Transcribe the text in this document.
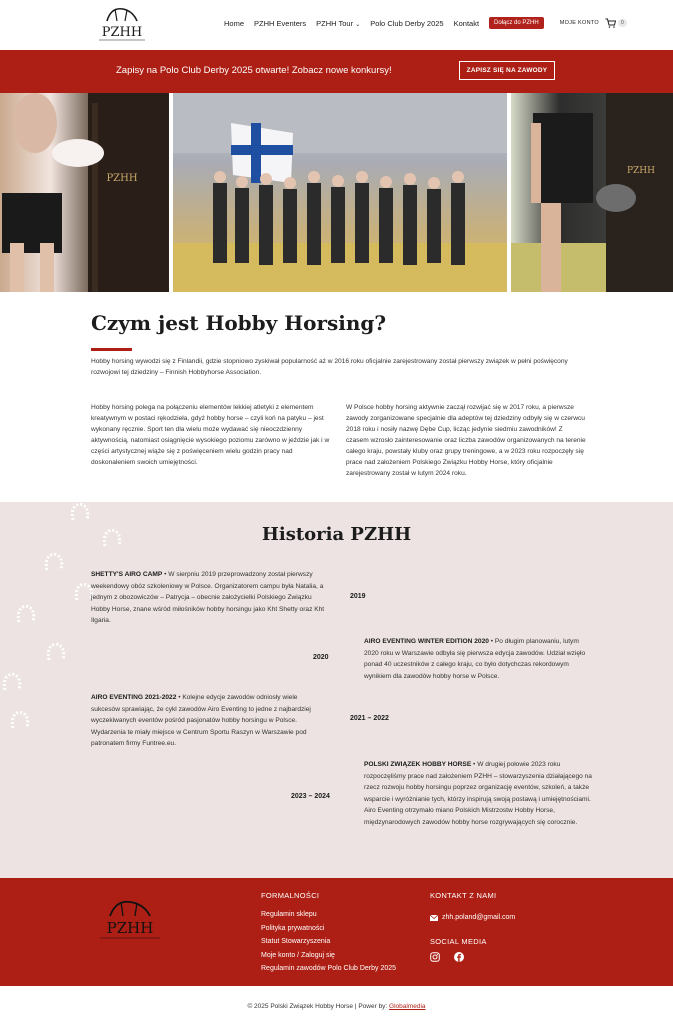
PZHH
Home PZHH Eventers PZHH Tour ⌄ Polo Club Derby 2025 Kontakt	Dołącz do PZHH	MOJE KONTO	0
Zapisy na Polo Club Derby 2025 otwarte! Zobacz nowe konkursy!	ZAPISZ SIĘ NA ZAWODY
PZHH
PZHH
Czym jest Hobby Horsing?

Hobby horsing wywodzi się z Finlandii, gdzie stopniowo zyskiwał popularność aż w 2016 roku oficjalnie zarejestrowany został pierwszy związek w pełni poświęcony rozwojowi tej dziedziny – Finnish Hobbyhorse Association.

Hobby horsing polega na połączeniu elementów lekkiej atletyki z elementem kreatywnym w postaci rękodzieła, gdyż hobby horse – czyli koń na patyku – jest wykonany ręcznie. Sport ten dla wielu może wydawać się nieoczdzienny aktywnością, natomiast osiągnięcie wysokiego poziomu zarówno w jeździe jak i w części artystycznej wiąże się z poświęceniem wielu godzin pracy nad doskonaleniem swoich umiejętności.

W Polsce hobby horsing aktywnie zaczął rozwijać się w 2017 roku, a pierwsze zawody zorganizowane specjalnie dla adeptów tej dziedziny odbyły się w czerwcu 2018 roku i nosiły nazwę Dębe Cup, licząc jedynie siedmiu zawodników! Z czasem wzrosło zainteresowanie oraz liczba zawodów organizowanych na terenie całego kraju, powstały kluby oraz grupy treningowe, a w 2023 roku rozpoczęły się prace nad założeniem Polskiego Związku Hobby Horse, który oficjalnie zarejestrowany został w lutym 2024 roku.

Historia PZHH
SHETTY'S AIRO CAMP • W sierpniu 2019 przeprowadzony został pierwszy weekendowy obóz szkoleniowy w Polsce. Organizatorem campu była Natalia, a jednym z obozowiczów – Patrycja – obecnie założycielki Polskiego Związku Hobby Horse, znane wśród miłośników hobby horsingu jako Kht Shetty oraz Kht Ilgaria.
2019
AIRO EVENTING WINTER EDITION 2020 • Po długim planowaniu, lutym 2020 roku w Warszawie odbyła się pierwsza edycja zawodów. Udział wzięło ponad 40 uczestników z całego kraju, co było dotychczas rekordowym wynikiem dla zawodów hobby horse w Polsce.
2020
AIRO EVENTING 2021-2022 • Kolejne edycje zawodów odniosły wiele sukcesów sprawiając, że cykl zawodów Airo Eventing to jedne z najbardziej wyczekiwanych eventów pośród pasjonatów hobby horsingu w Polsce. Wydarzenia te miały miejsce w Centrum Sportu Raszyn w Warszawie pod patronatem firmy Funtree.eu.
2021 – 2022
POLSKI ZWIĄZEK HOBBY HORSE • W drugiej połowie 2023 roku rozpoczęliśmy prace nad założeniem PZHH – stowarzyszenia działającego na rzecz rozwoju hobby horsingu poprzez organizację eventów, szkoleń, a także wsparcie i wyróżnianie tych, którzy inspirują swoją postawą i umiejętnościami. Airo Eventing otrzymało miano Polskich Mistrzostw Hobby Horse, międzynarodowych zawodów hobby horse rozgrywających się corocznie.
2023 – 2024
PZHH
FORMALNOŚCI
Regulamin sklepu
Polityka prywatności
Statut Stowarzyszenia
Moje konto / Zaloguj się
Regulamin zawodów Polo Club Derby 2025
KONTAKT Z NAMI
zhh.poland@gmail.com
SOCIAL MEDIA
© 2025 Polski Związek Hobby Horse | Power by: Globalmedia
